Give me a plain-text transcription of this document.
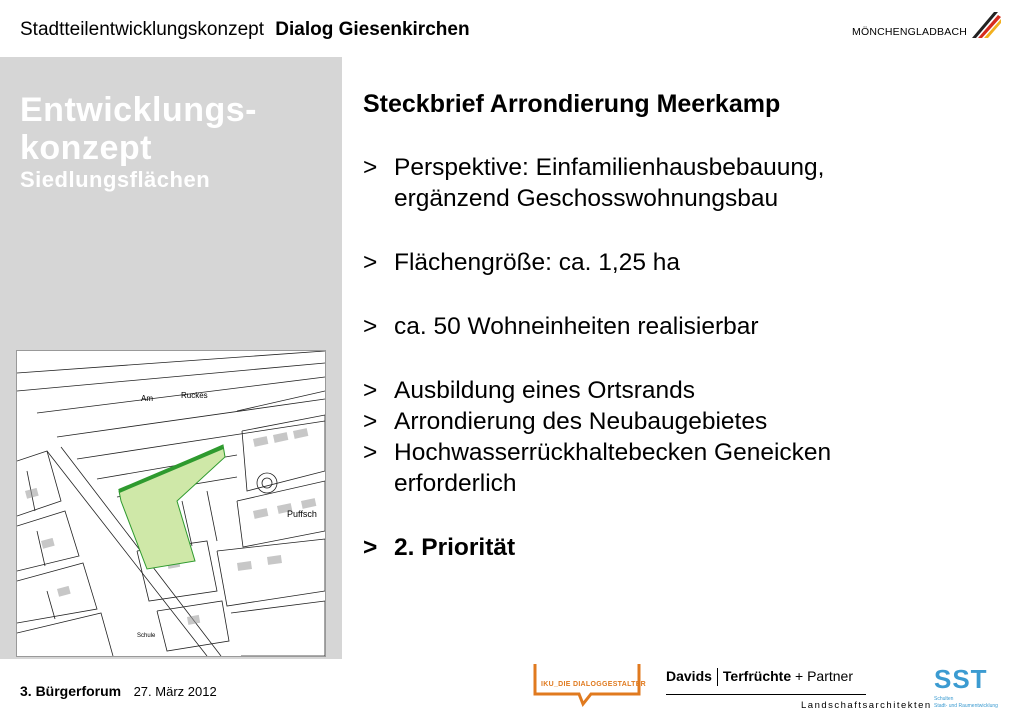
Stadtteilentwicklungskonzept Dialog Giesenkirchen	MÖNCHENGLADBACH
Entwicklungs-
konzept
Siedlungsflächen
Am	Ruckes
Puffsch
Schule
Steckbrief Arrondierung Meerkamp
> Perspektive: Einfamilienhausbebauung,
ergänzend Geschosswohnungsbau
> Flächengröße: ca. 1,25 ha
> ca. 50 Wohneinheiten realisierbar
> Ausbildung eines Ortsrands
> Arrondierung des Neubaugebietes
> Hochwasserrückhaltebecken Geneicken
erforderlich
> 2. Priorität
3. Bürgerforum 27. März 2012	IKU_DIE DIALOGGESTALTER
Davids Terfrüchte + Partner
Landschaftsarchitekten
SST
Schulten
Stadt- und Raumentwicklung
